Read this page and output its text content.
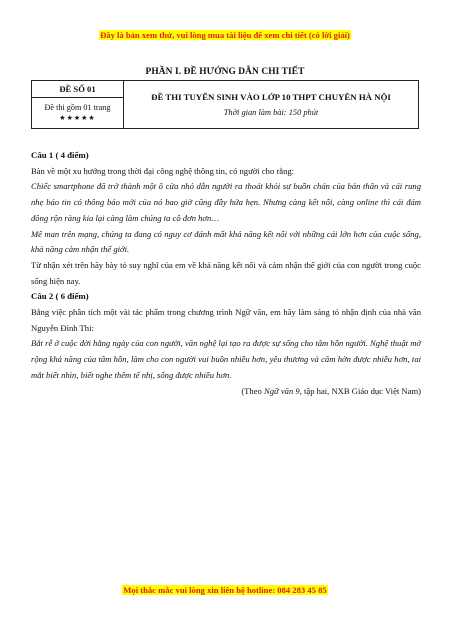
Đây là bản xem thử, vui lòng mua tài liệu để xem chi tiết (có lời giải)
PHẦN I. ĐỀ HƯỚNG DẪN CHI TIẾT
ĐỀ SỐ 01	
ĐỀ THI TUYỂN SINH VÀO LỚP 10 THPT CHUYÊN HÀ NỘI
Thời gian làm bài: 150 phút

Đề thi gồm 01 trang
★★★★★

Câu 1 ( 4 điểm)

Bàn về một xu hướng trong thời đại công nghệ thông tin, có người cho rằng:

Chiếc smartphone đã trở thành một ô cửa nhỏ dẫn người ra thoát khỏi sự buồn chán của bản thân và cái rung nhẹ báo tin có thông báo mới của nó bao giờ cũng đầy hứa hẹn. Nhưng càng kết nối, càng online thì cái đám đông rộn ràng kia lại càng làm chúng ta cô đơn hơn…

Mê man trên mạng, chúng ta đang có nguy cơ đánh mất khả năng kết nối với những cái lớn hơn của cuộc sống, khả năng cảm nhận thế giới.

Từ nhận xét trên hãy bày tỏ suy nghĩ của em về khả năng kết nối và cảm nhận thế giới của con người trong cuộc sống hiện nay.

Câu 2 ( 6 điểm)

Bằng việc phân tích một vài tác phẩm trong chương trình Ngữ văn, em hãy làm sáng tỏ nhận định của nhà văn Nguyễn Đình Thi:

Bắt rễ ở cuộc đời hằng ngày của con người, văn nghệ lại tạo ra được sự sống cho tâm hồn người. Nghệ thuật mở rộng khả năng của tâm hồn, làm cho con người vui buồn nhiều hơn, yêu thương và căm hờn được nhiều hơn, tai mắt biết nhìn, biết nghe thêm tế nhị, sống được nhiều hơn.

(Theo Ngữ văn 9, tập hai, NXB Giáo dục Việt Nam)

Mọi thắc mắc vui lòng xin liên hệ hotline: 084 283 45 85
